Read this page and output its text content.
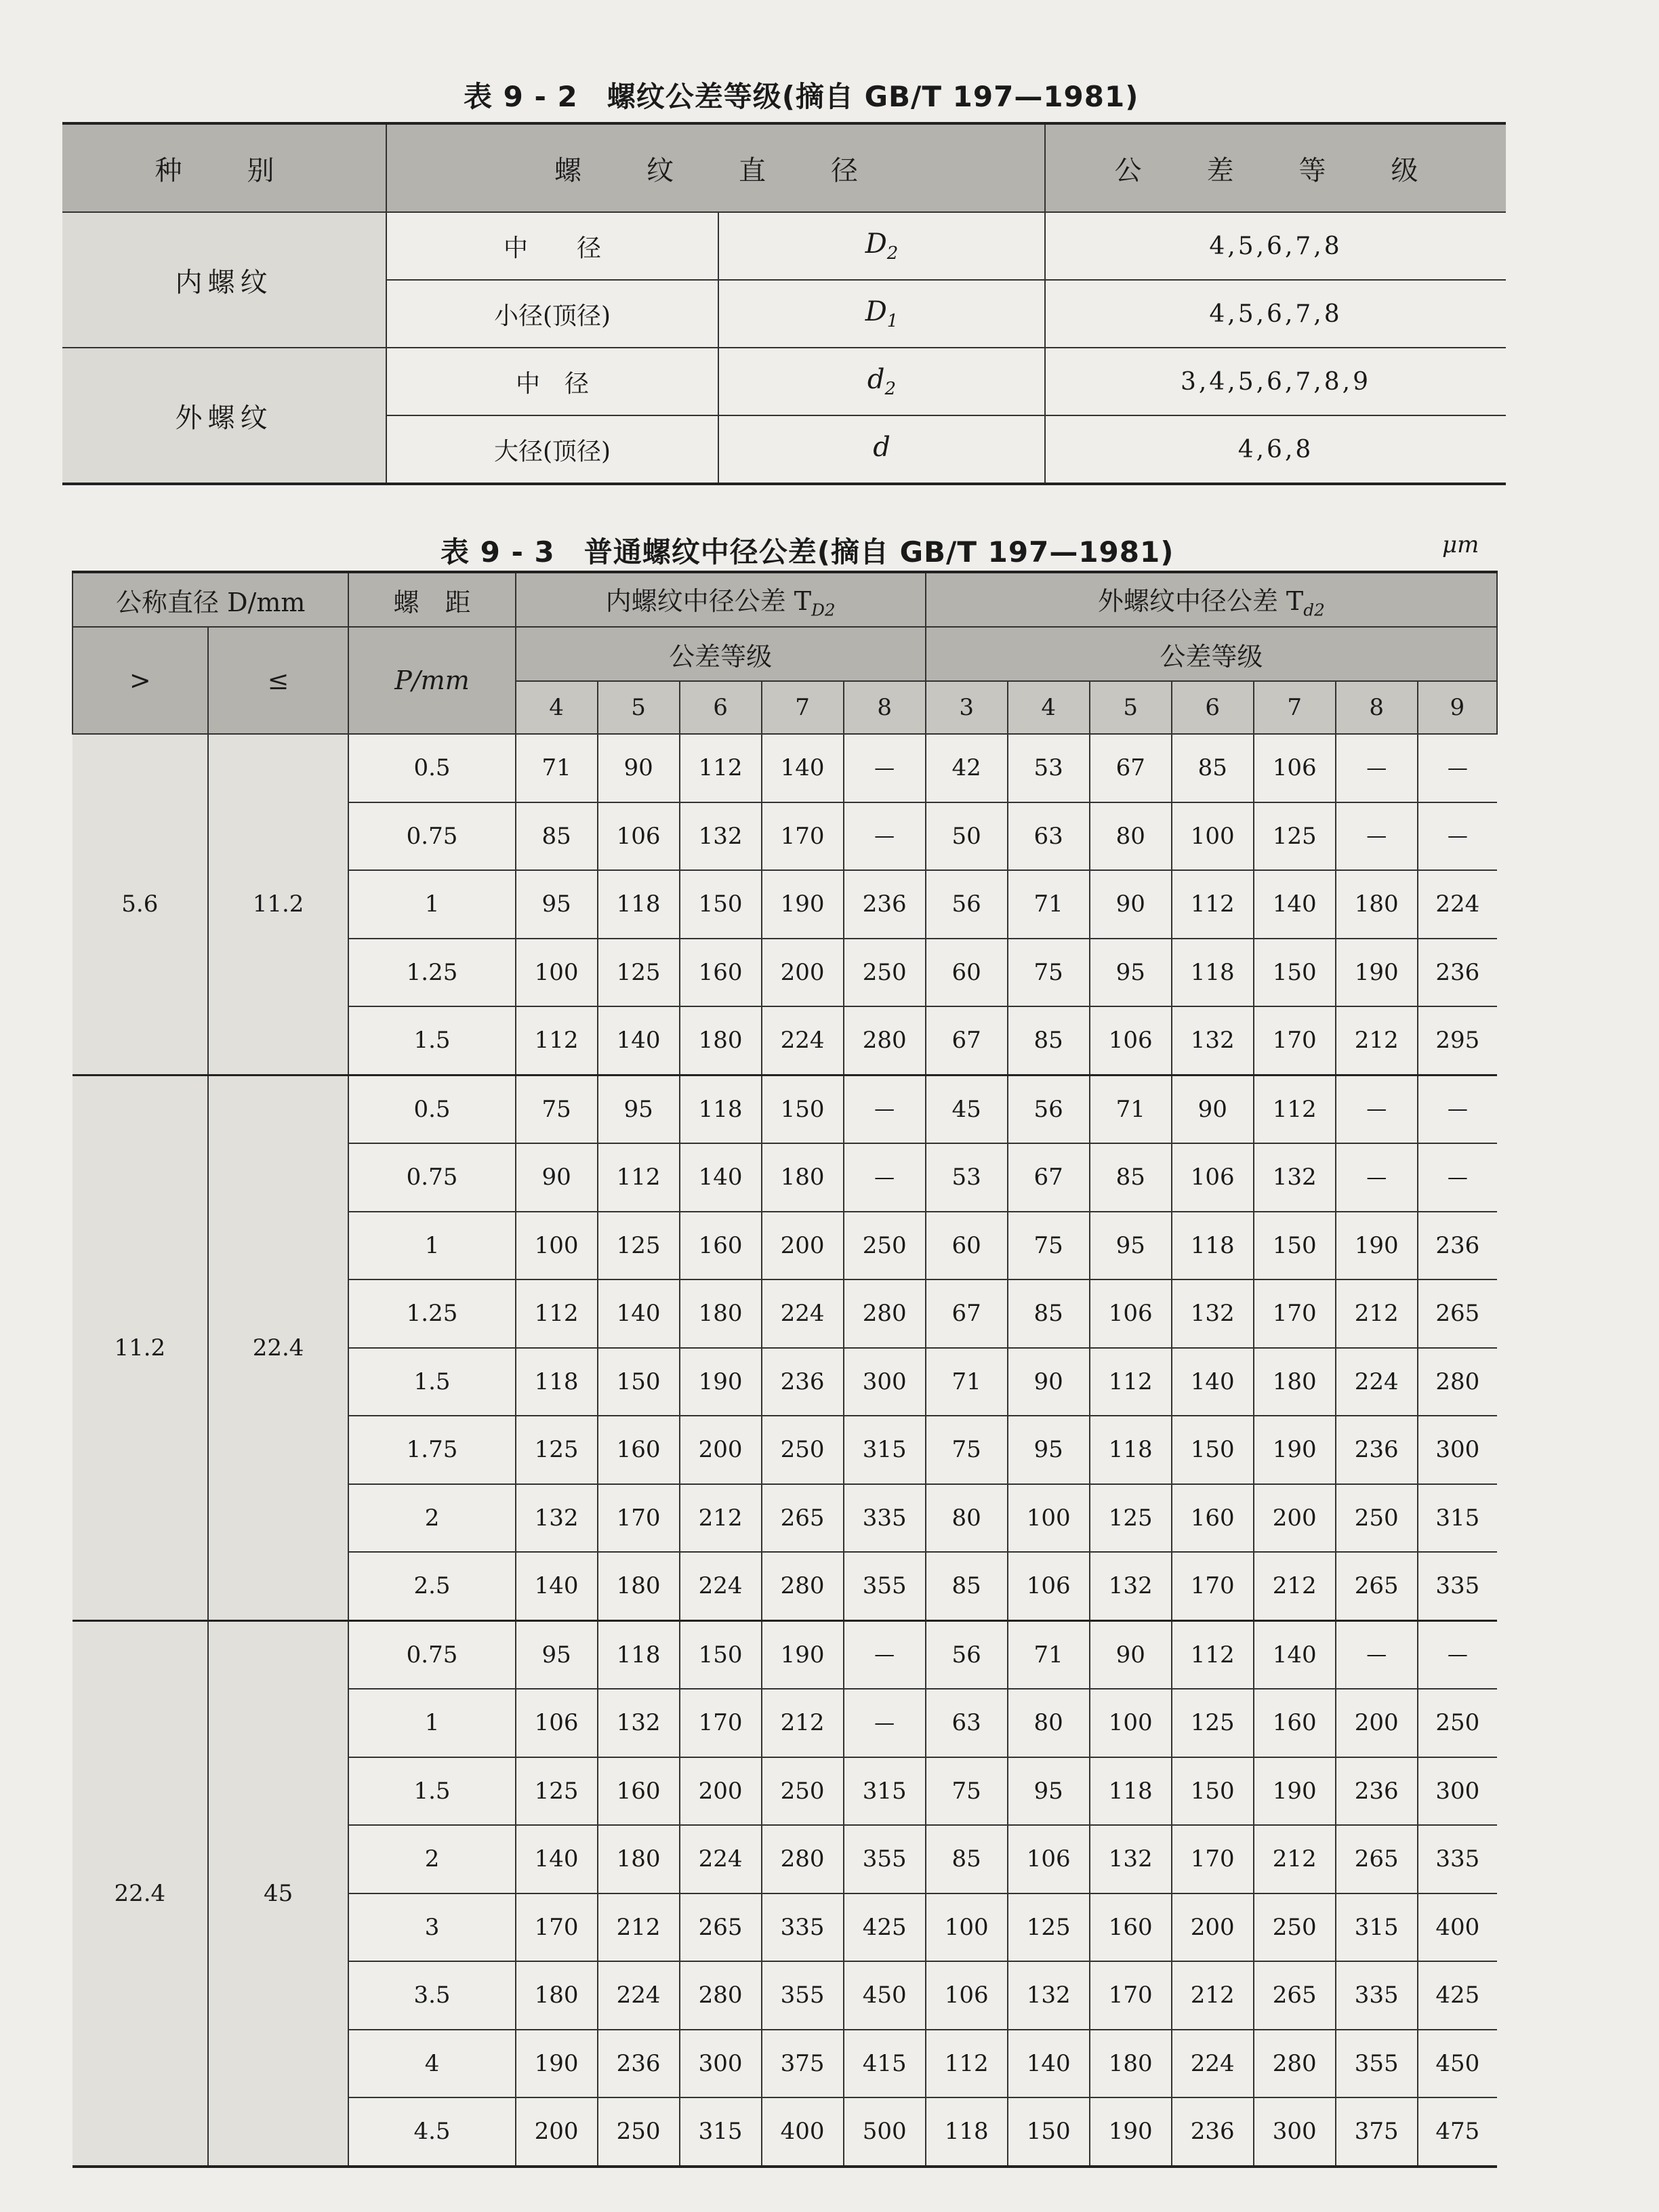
表 9 - 2　螺纹公差等级(摘自 GB/T 197—1981)
种　别	螺　纹　直　径		公　差　等　级
内螺纹	中　　径	$D_2$	4,5,6,7,8
	小径(顶径)	$D_1$	4,5,6,7,8
外螺纹	中　径	$d_2$	3,4,5,6,7,8,9
	大径(顶径)	d	4,6,8
表 9 - 3　普通螺纹中径公差(摘自 GB/T 197—1981)	μm
公称直径 D/mm		螺　距	内螺纹中径公差 $T_{D2}$					外螺纹中径公差 $T_{d2}$
>	≤	P/mm	公差等级					公差等级						
			4	5	6	7	8	3	4	5	6	7	8	9
5.6	11.2	0.5	71	90	112	140	—	42	53	67	85	106	—	—
		0.75	85	106	132	170	—	50	63	80	100	125	—	—
		1	95	118	150	190	236	56	71	90	112	140	180	224
		1.25	100	125	160	200	250	60	75	95	118	150	190	236
		1.5	112	140	180	224	280	67	85	106	132	170	212	295
11.2	22.4	0.5	75	95	118	150	—	45	56	71	90	112	—	—
		0.75	90	112	140	180	—	53	67	85	106	132	—	—
		1	100	125	160	200	250	60	75	95	118	150	190	236
		1.25	112	140	180	224	280	67	85	106	132	170	212	265
		1.5	118	150	190	236	300	71	90	112	140	180	224	280
		1.75	125	160	200	250	315	75	95	118	150	190	236	300
		2	132	170	212	265	335	80	100	125	160	200	250	315
		2.5	140	180	224	280	355	85	106	132	170	212	265	335
22.4	45	0.75	95	118	150	190	—	56	71	90	112	140	—	—
		1	106	132	170	212	—	63	80	100	125	160	200	250
		1.5	125	160	200	250	315	75	95	118	150	190	236	300
		2	140	180	224	280	355	85	106	132	170	212	265	335
		3	170	212	265	335	425	100	125	160	200	250	315	400
		3.5	180	224	280	355	450	106	132	170	212	265	335	425
		4	190	236	300	375	415	112	140	180	224	280	355	450
		4.5	200	250	315	400	500	118	150	190	236	300	375	475
